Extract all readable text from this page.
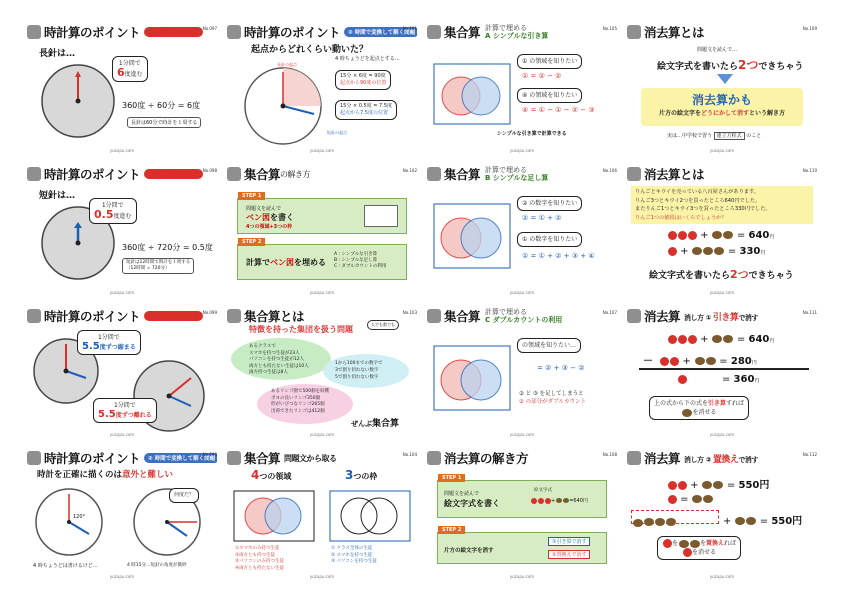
時計算のポイント	① 大切な３つの角度
No.097
長針は…
1分間で
6度進む
360度 ÷ 60分 = 6度
長針は60分で時計を１周する
yuzupu.com
時計算のポイント	② 時間で変換して解く問題
No.101
起点からどれくらい動いた？
4 時ちょうどを起点とする…
長針の起点
短針の起点
15分 × 6度 = 90度
起点から90度の位置
15分 × 0.5度 = 7.5度
起点から7.5度の位置
yuzupu.com
集合算 計算で埋める
A シンプルな引き算
No.105
① の領域を知りたい
① = ② − ②
④ の領域を知りたい
④ = ① − ① − ② − ③
シンプルな引き算で計算できる
yuzupu.com
消去算とは	No.109
問題文を読んで…
絵文字式を書いたら2つできちゃう
消去算かも
片方の絵文字をどうにかして消すという解き方
実は…中学校で習う 連立方程式 のこと
yuzupu.com
時計算のポイント	① 大切な３つの角度
No.098
短針は…
1分間で
0.5度進む
360度 ÷ 720分 = 0.5度
短針は12時間で時計を１周する
（12時間 = 720分）
yuzupu.com
集合算 の解き方	No.102
STEP 1
問題文を読んで
ベン図を書く
4つの領域+3つの枠
STEP 2
計算でベン図を埋める
A : シンプルな引き算
B : シンプルな足し算
C : ダブルカウントの利用
yuzupu.com
集合算 計算で埋める
B シンプルな足し算
No.106
② の数字を知りたい
② = ① + ②
① の数字を知りたい
① = ① + ② + ③ + ④
yuzupu.com
消去算とは	No.110
りんごとキウイを売っている八百屋さんがあります。
りんご3つとキウイ2つを買ったところ640円でした。
またりんご1つとキウイ3つを買ったところ330円でした。
りんご1つの値段はいくらでしょうか？
+  = 640円
+	= 330円
絵文字式を書いたら2つできちゃう
yuzupu.com
時計算のポイント	① 大切な３つの角度
No.099
1分間で
5.5度ずつ縮まる
1分間で
5.5度ずつ離れる
yuzupu.com
集合算とは	No.103
特徴を持った集団を扱う問題
人でも数でも
あるクラスで
スマホを持つ生徒が23人
パソコンを持つ生徒が12人
両方とも持たない生徒は10人
両方持つ生徒は8人
1から100までの数字で
3で割り切れない数字
5で割り切れない数字
あるリンゴ園で500個を収穫
ボヨの良いリンゴ350個
形がいびつなリンゴ265個
出荷できたリンゴは412個
ぜんぶ集合算
yuzupu.com
集合算 計算で埋める
C ダブルカウントの利用
No.107
の領域を知りたい…
= ② + ③ − ②
② と ③ を足してしまうと
② の部分がダブルカウント
yuzupu.com
消去算 消し方 ① 引き算で消す
No.111
+  = 640円
－	+  = 280円
= 360円
上の式から下の式を引き算すれば
を消せる
yuzupu.com
時計算のポイント	② 時間で変換して解く問題
No.100
時計を正確に描くのは意外と難しい
120°
何度だ？
4 時ちょうどは書けるけど…	4 時15分…短針の角度が微妙
yuzupu.com
集合算 問題文から取る	No.104
4つの領域	3つの枠
①スマホのみ持つ生徒
②両方とも持つ生徒
③パソコンのみ持つ生徒
④両方とも持たない生徒
① クラス全体の生徒
② スマホを持つ生徒
③ パソコンを持つ生徒
yuzupu.com
消去算の解き方	No.108
STEP 1
問題文を読んで
絵文字式を書く
絵文字式
+	=640円
STEP 2
片方の絵文字を消す
①引き算で消す
②置換えで消す
yuzupu.com
消去算 消し方 ② 置換えで消す
No.112
+  = 550円
=
+  = 550円
を	を置換えれば
を消せる
yuzupu.com
